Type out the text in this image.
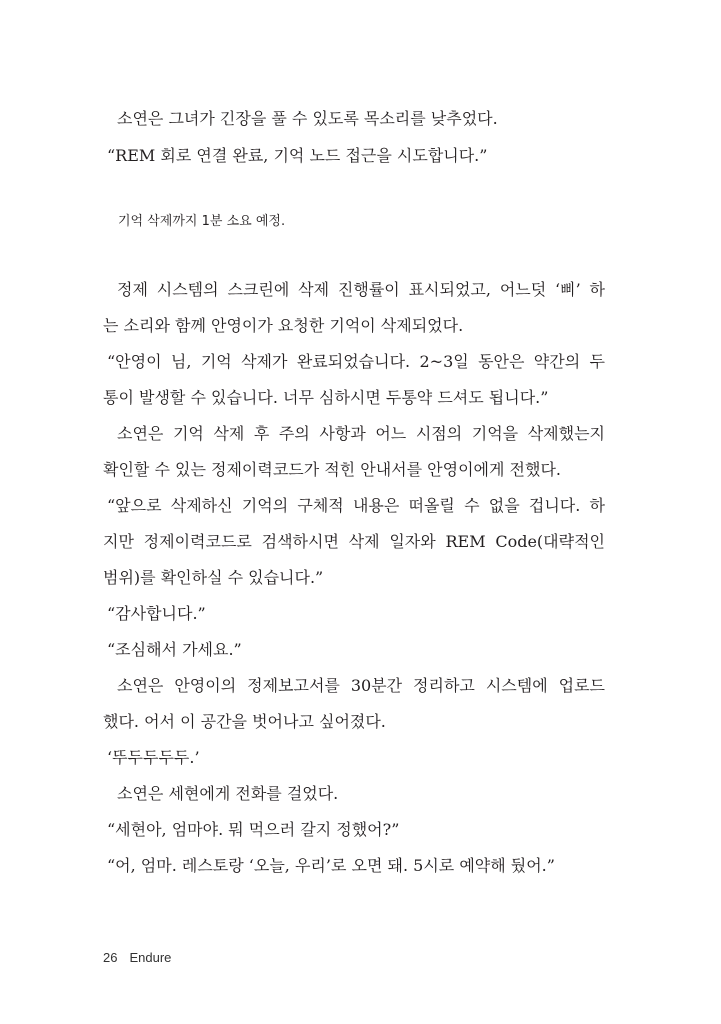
소연은 그녀가 긴장을 풀 수 있도록 목소리를 낮추었다.
“REM 회로 연결 완료, 기억 노드 접근을 시도합니다.”
기억 삭제까지 1분 소요 예정.
정제 시스템의 스크린에 삭제 진행률이 표시되었고, 어느덧 ‘삐’ 하
는 소리와 함께 안영이가 요청한 기억이 삭제되었다.
“안영이 님, 기억 삭제가 완료되었습니다. 2~3일 동안은 약간의 두
통이 발생할 수 있습니다. 너무 심하시면 두통약 드셔도 됩니다.”
소연은 기억 삭제 후 주의 사항과 어느 시점의 기억을 삭제했는지
확인할 수 있는 정제이력코드가 적힌 안내서를 안영이에게 전했다.
“앞으로 삭제하신 기억의 구체적 내용은 떠올릴 수 없을 겁니다. 하
지만 정제이력코드로 검색하시면 삭제 일자와 REM Code(대략적인
범위)를 확인하실 수 있습니다.”
“감사합니다.”
“조심해서 가세요.”
소연은 안영이의 정제보고서를 30분간 정리하고 시스템에 업로드
했다. 어서 이 공간을 벗어나고 싶어졌다.
‘뚜두두두두.’
소연은 세현에게 전화를 걸었다.
“세현아, 엄마야. 뭐 먹으러 갈지 정했어?”
“어, 엄마. 레스토랑 ‘오늘, 우리’로 오면 돼. 5시로 예약해 뒀어.”
26 Endure
